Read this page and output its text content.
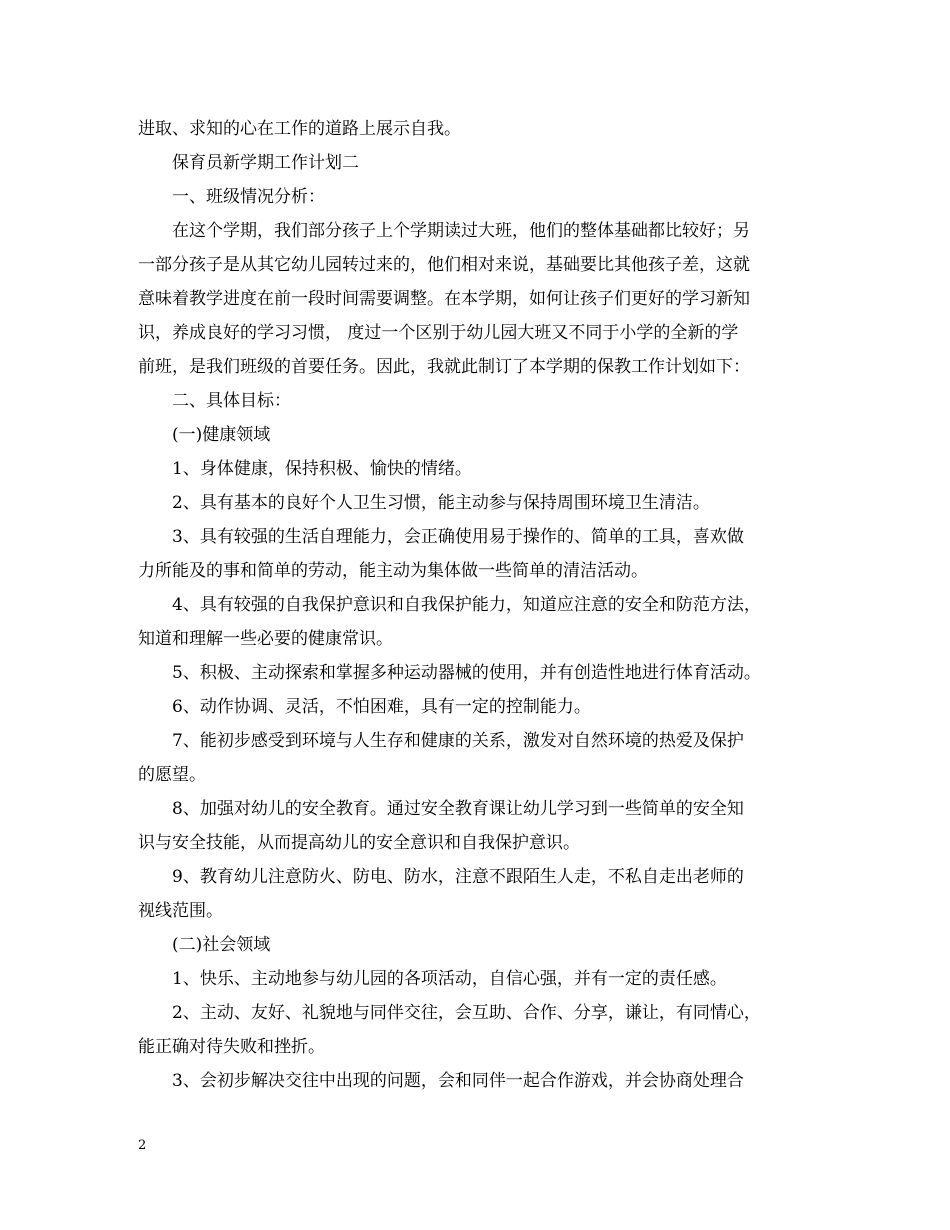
进取、求知的心在工作的道路上展示自我。
保育员新学期工作计划二
一、班级情况分析：
在这个学期，我们部分孩子上个学期读过大班，他们的整体基础都比较好；另
一部分孩子是从其它幼儿园转过来的，他们相对来说，基础要比其他孩子差，这就
意味着教学进度在前一段时间需要调整。在本学期，如何让孩子们更好的学习新知
识，养成良好的学习习惯， 度过一个区别于幼儿园大班又不同于小学的全新的学
前班，是我们班级的首要任务。因此，我就此制订了本学期的保教工作计划如下：
二、具体目标：
(一)健康领域
1、身体健康，保持积极、愉快的情绪。
2、具有基本的良好个人卫生习惯，能主动参与保持周围环境卫生清洁。
3、具有较强的生活自理能力，会正确使用易于操作的、简单的工具，喜欢做
力所能及的事和简单的劳动，能主动为集体做一些简单的清洁活动。
4、具有较强的自我保护意识和自我保护能力，知道应注意的安全和防范方法，
知道和理解一些必要的健康常识。
5、积极、主动探索和掌握多种运动器械的使用，并有创造性地进行体育活动。
6、动作协调、灵活，不怕困难，具有一定的控制能力。
7、能初步感受到环境与人生存和健康的关系，激发对自然环境的热爱及保护
的愿望。
8、加强对幼儿的安全教育。通过安全教育课让幼儿学习到一些简单的安全知
识与安全技能，从而提高幼儿的安全意识和自我保护意识。
9、教育幼儿注意防火、防电、防水，注意不跟陌生人走，不私自走出老师的
视线范围。
(二)社会领域
1、快乐、主动地参与幼儿园的各项活动，自信心强，并有一定的责任感。
2、主动、友好、礼貌地与同伴交往，会互助、合作、分享，谦让，有同情心，
能正确对待失败和挫折。
3、会初步解决交往中出现的问题，会和同伴一起合作游戏，并会协商处理合
2
